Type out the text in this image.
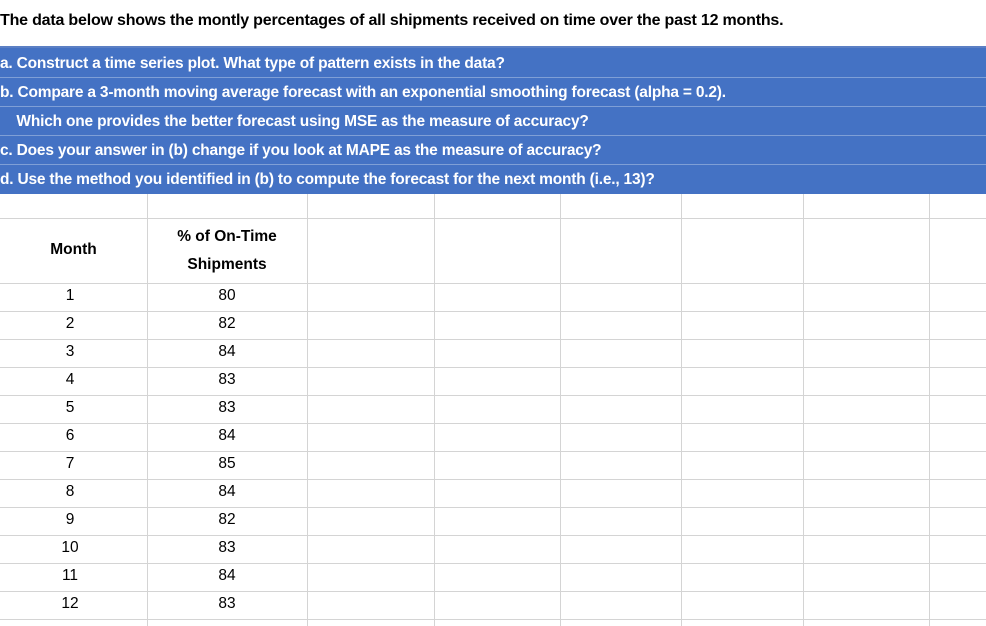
The data below shows the montly percentages of all shipments received on time over the past 12 months.
a. Construct a time series plot. What type of pattern exists in the data?
b. Compare a 3-month moving average forecast with an exponential smoothing forecast (alpha = 0.2).
Which one provides the better forecast using MSE as the measure of accuracy?
c. Does your answer in (b) change if you look at MAPE as the measure of accuracy?
d. Use the method you identified in (b) to compute the forecast for the next month (i.e., 13)?
Month
% of On-Time
Shipments
1	80
2	82
3	84
4	83
5	83
6	84
7	85
8	84
9	82
10	83
11	84
12	83
